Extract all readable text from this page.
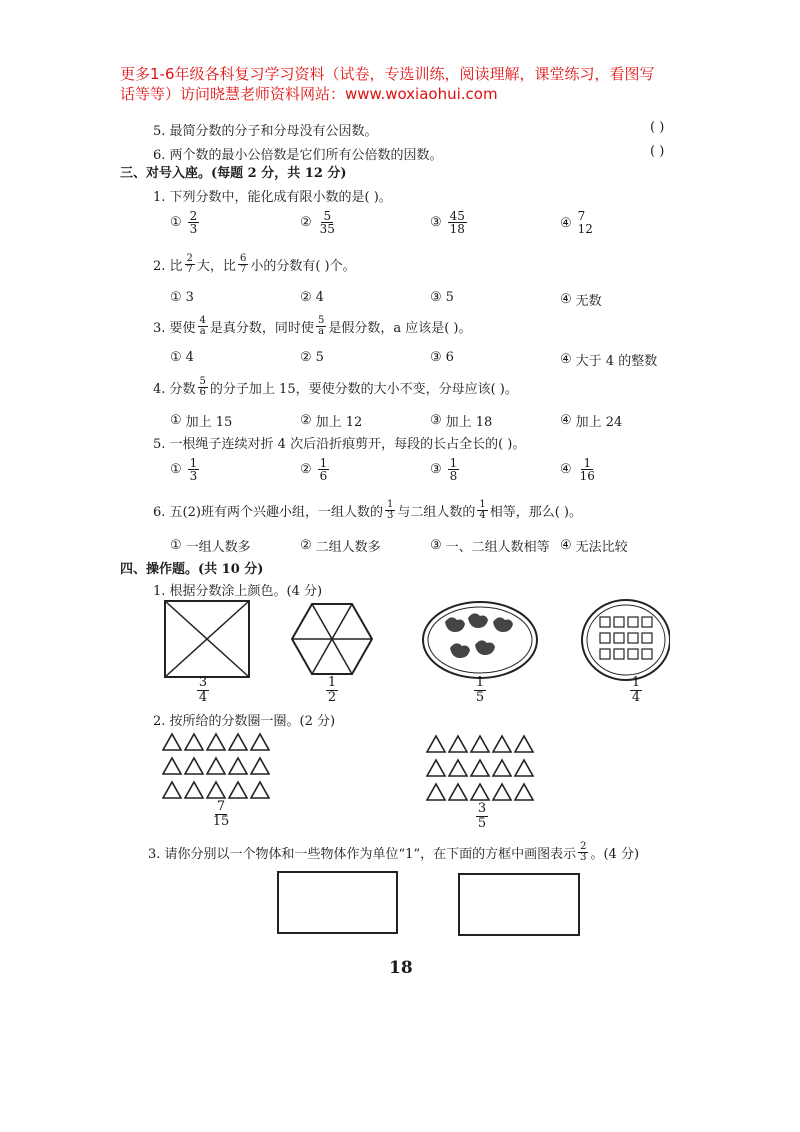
更多1-6年级各科复习学习资料（试卷，专选训练，阅读理解，课堂练习，看图写
话等等）访问晓慧老师资料网站：www.woxiaohui.com
5. 最简分数的分子和分母没有公因数。	( )
6. 两个数的最小公倍数是它们所有公倍数的因数。	( )
三、对号入座。(每题 2 分，共 12 分)
1. 下列分数中，能化成有限小数的是( )。
① $\frac{2}{3}$	② $\frac{5}{35}$	③ $\frac{45}{18}$	④ 7
12
2. 比 $\frac{2}{7}$ 大，比 $\frac{6}{7}$ 小的分数有( )个。
① 3	② 4	③ 5	④ 无数
3. 要使 $\frac{4}{a}$ 是真分数，同时使 $\frac{5}{a}$ 是假分数，a 应该是( )。
① 4	② 5	③ 6	④ 大于 4 的整数
4. 分数 $\frac{5}{6}$ 的分子加上 15，要使分数的大小不变，分母应该( )。
① 加上 15	② 加上 12	③ 加上 18	④ 加上 24
5. 一根绳子连续对折 4 次后沿折痕剪开，每段的长占全长的( )。
① $\frac{1}{3}$	② $\frac{1}{6}$	③ $\frac{1}{8}$	④ $\frac{1}{16}$
6. 五(2)班有两个兴趣小组，一组人数的 $\frac{1}{3}$ 与二组人数的 $\frac{1}{4}$ 相等，那么( )。
① 一组人数多	② 二组人数多	③ 一、二组人数相等 ④ 无法比较
四、操作题。(共 10 分)
1. 根据分数涂上颜色。(4 分)
$\frac{3}{4}$	$\frac{1}{2}$	$\frac{1}{5}$	$\frac{1}{4}$
2. 按所给的分数圈一圈。(2 分)
$\frac{7}{15}$	$\frac{3}{5}$
3. 请你分别以一个物体和一些物体作为单位“1”，在下面的方框中画图表示 $\frac{2}{3}$ 。(4 分)
18
